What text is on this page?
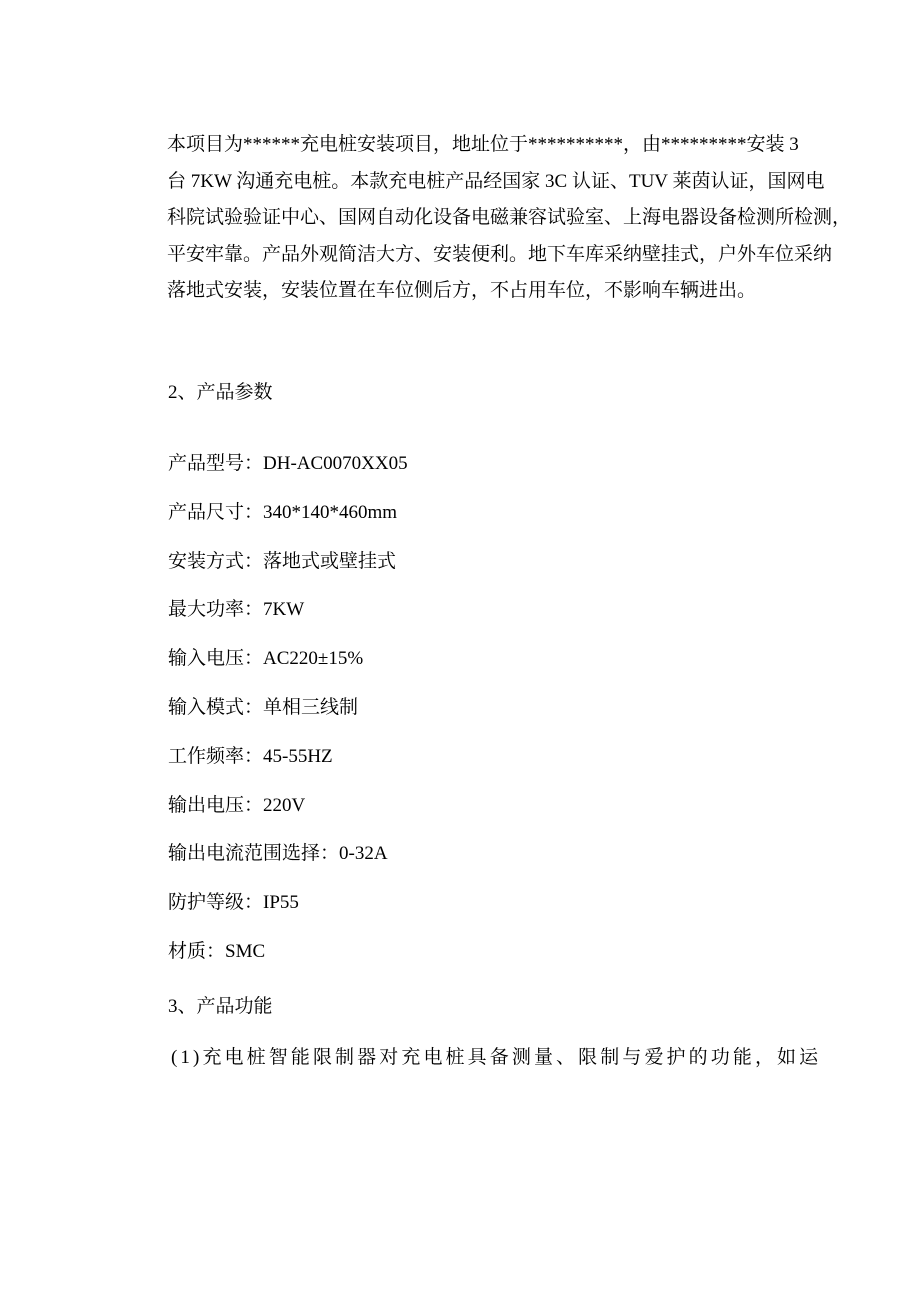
本项目为******充电桩安装项目，地址位于**********，由*********安装 3
台 7KW 沟通充电桩。本款充电桩产品经国家 3C 认证、TUV 莱茵认证，国网电
科院试验验证中心、国网自动化设备电磁兼容试验室、上海电器设备检测所检测，
平安牢靠。产品外观简洁大方、安装便利。地下车库采纳壁挂式，户外车位采纳
落地式安装，安装位置在车位侧后方，不占用车位，不影响车辆进出。
2、产品参数
产品型号：DH-AC0070XX05
产品尺寸：340*140*460mm
安装方式：落地式或壁挂式
最大功率：7KW
输入电压：AC220±15%
输入模式：单相三线制
工作频率：45-55HZ
输出电压：220V
输出电流范围选择：0-32A
防护等级：IP55
材质：SMC
3、产品功能
(1)充电桩智能限制器对充电桩具备测量、限制与爱护的功能，如运
